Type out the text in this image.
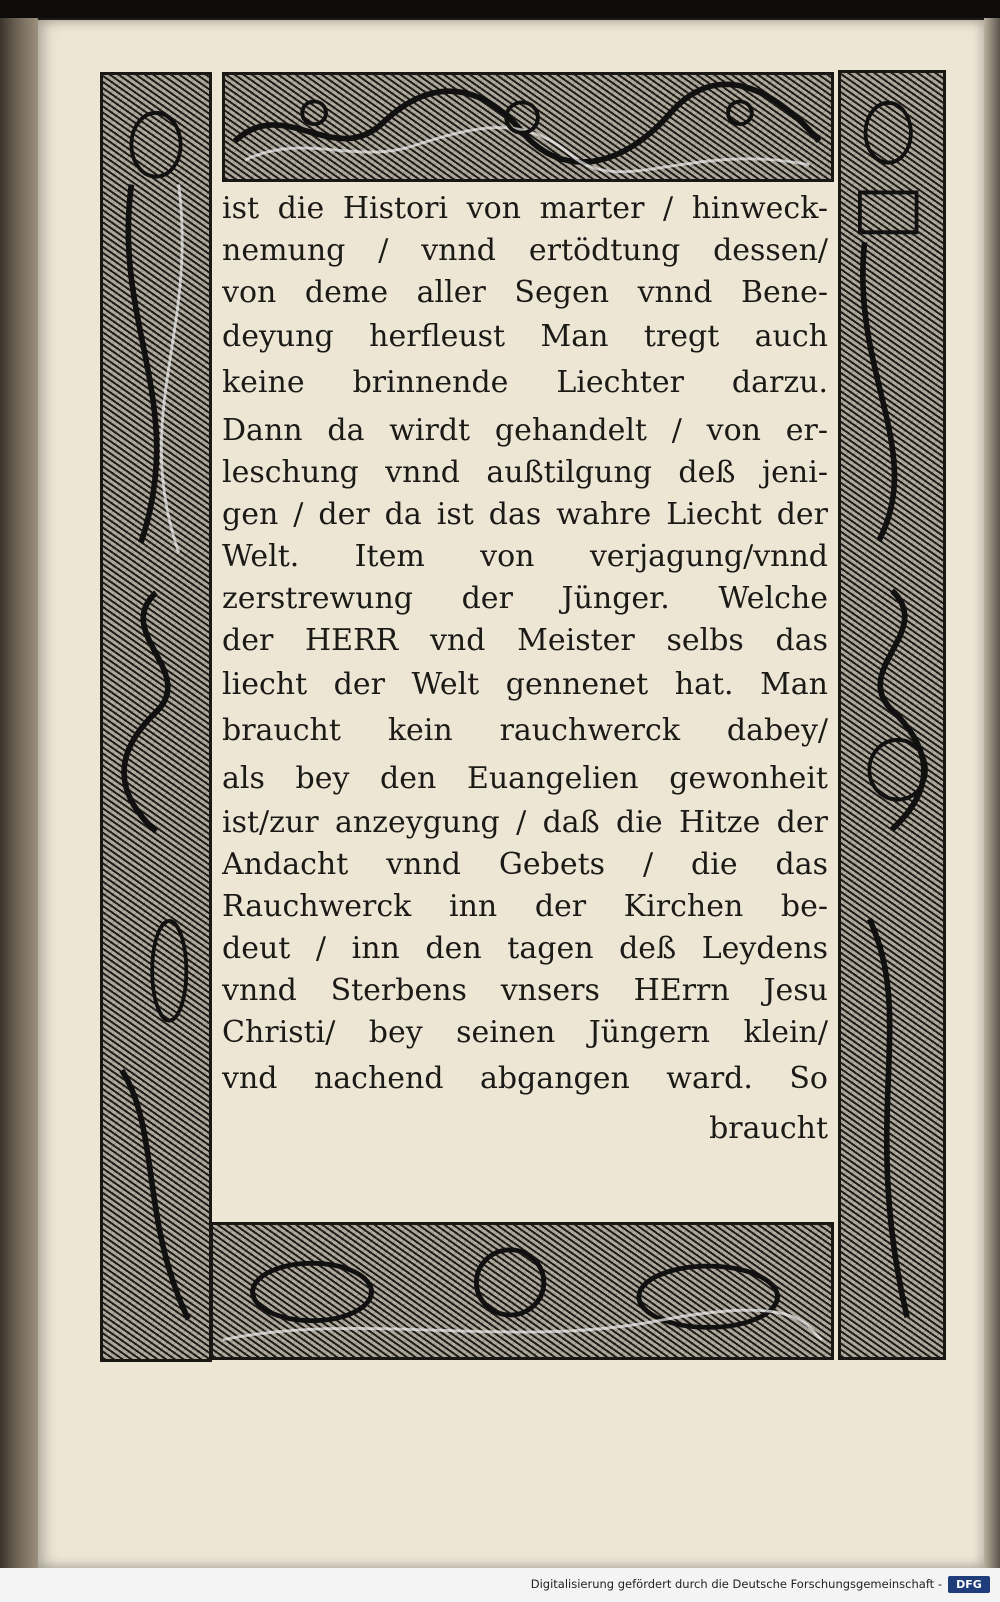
ist die Histori von marter / hinweck-
nemung / vnnd ertödtung dessen/
von deme aller Segen vnnd Bene-
deyung herfleust Man tregt auch
keine brinnende Liechter darzu.
Dann da wirdt gehandelt / von er-
leschung vnnd außtilgung deß jeni-
gen / der da ist das wahre Liecht der
Welt. Item von verjagung/vnnd
zerstrewung der Jünger. Welche
der HERR vnd Meister selbs das
liecht der Welt gennenet hat. Man
braucht kein rauchwerck dabey/
als bey den Euangelien gewonheit
ist/zur anzeygung / daß die Hitze der
Andacht vnnd Gebets / die das
Rauchwerck inn der Kirchen be-
deut / inn den tagen deß Leydens
vnnd Sterbens vnsers HErrn Jesu
Christi/ bey seinen Jüngern klein/
vnd nachend abgangen ward. So
braucht
Digitalisierung gefördert durch die Deutsche Forschungsgemeinschaft -	DFG
